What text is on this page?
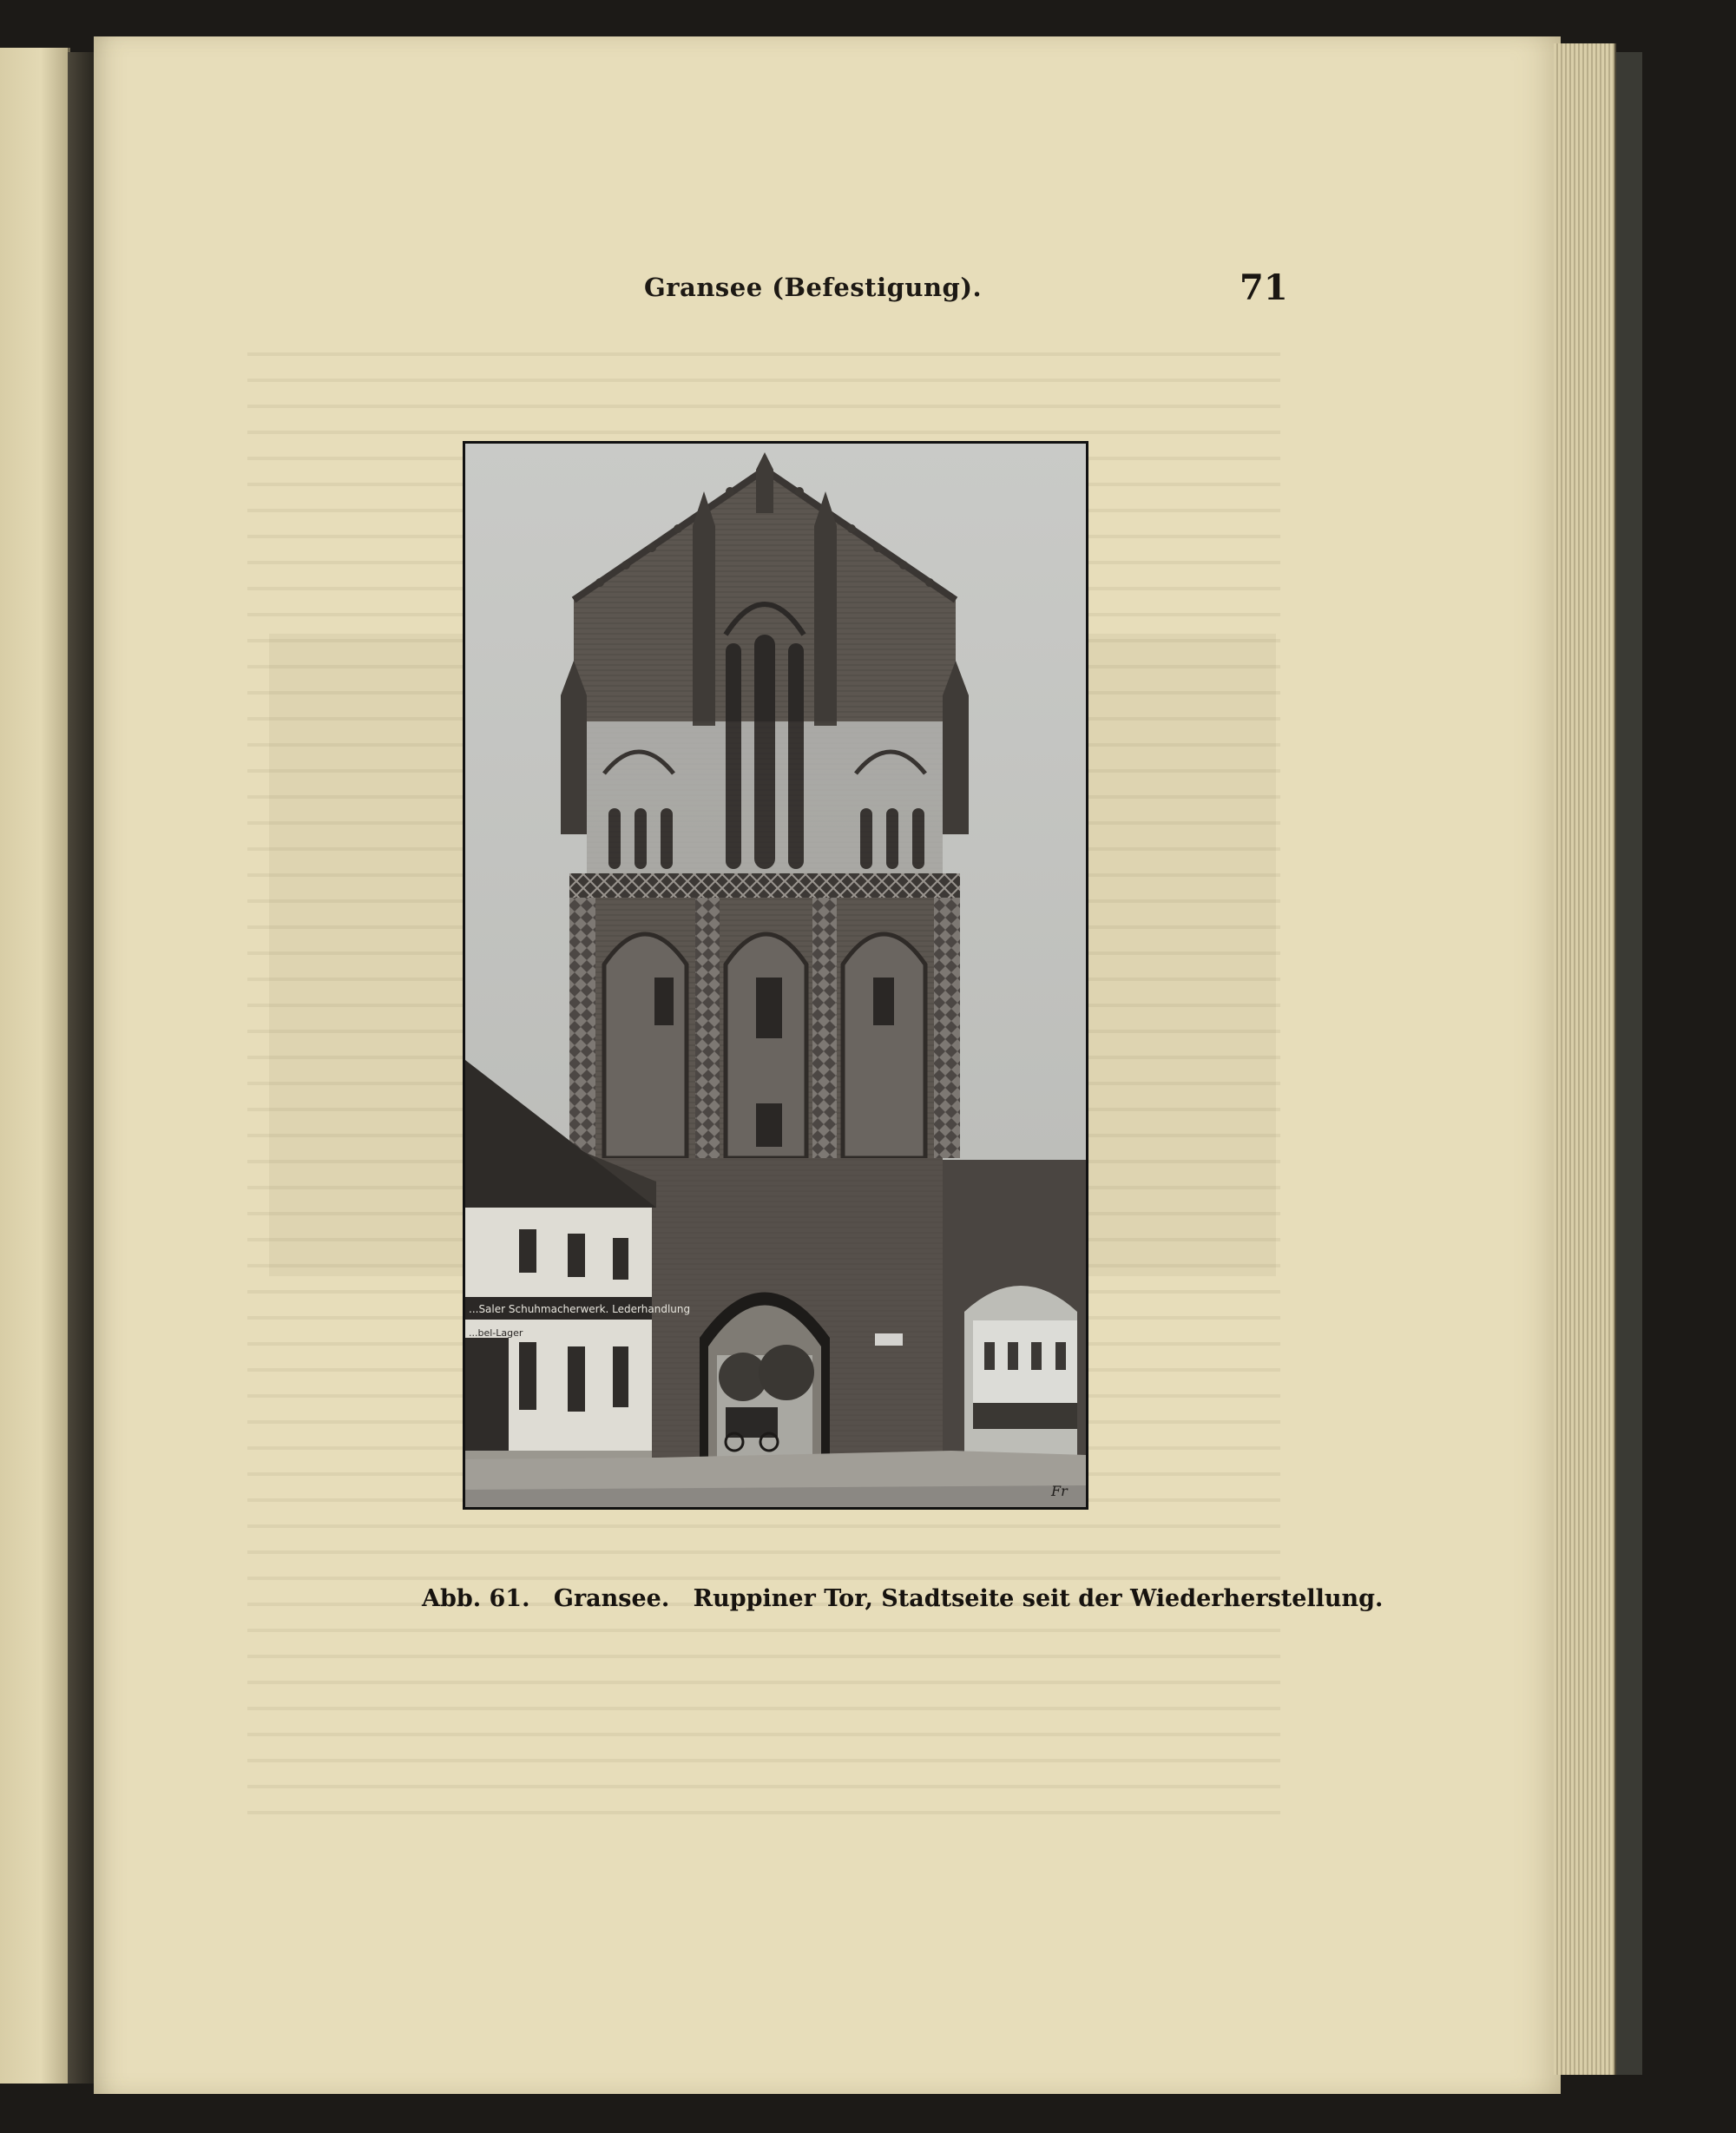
Gransee (Befestigung).	71
...Saler Schuhmacherwerk. Lederhandlung
...bel-Lager
Fr
Abb. 61. Gransee. Ruppiner Tor, Stadtseite seit der Wiederherstellung.
